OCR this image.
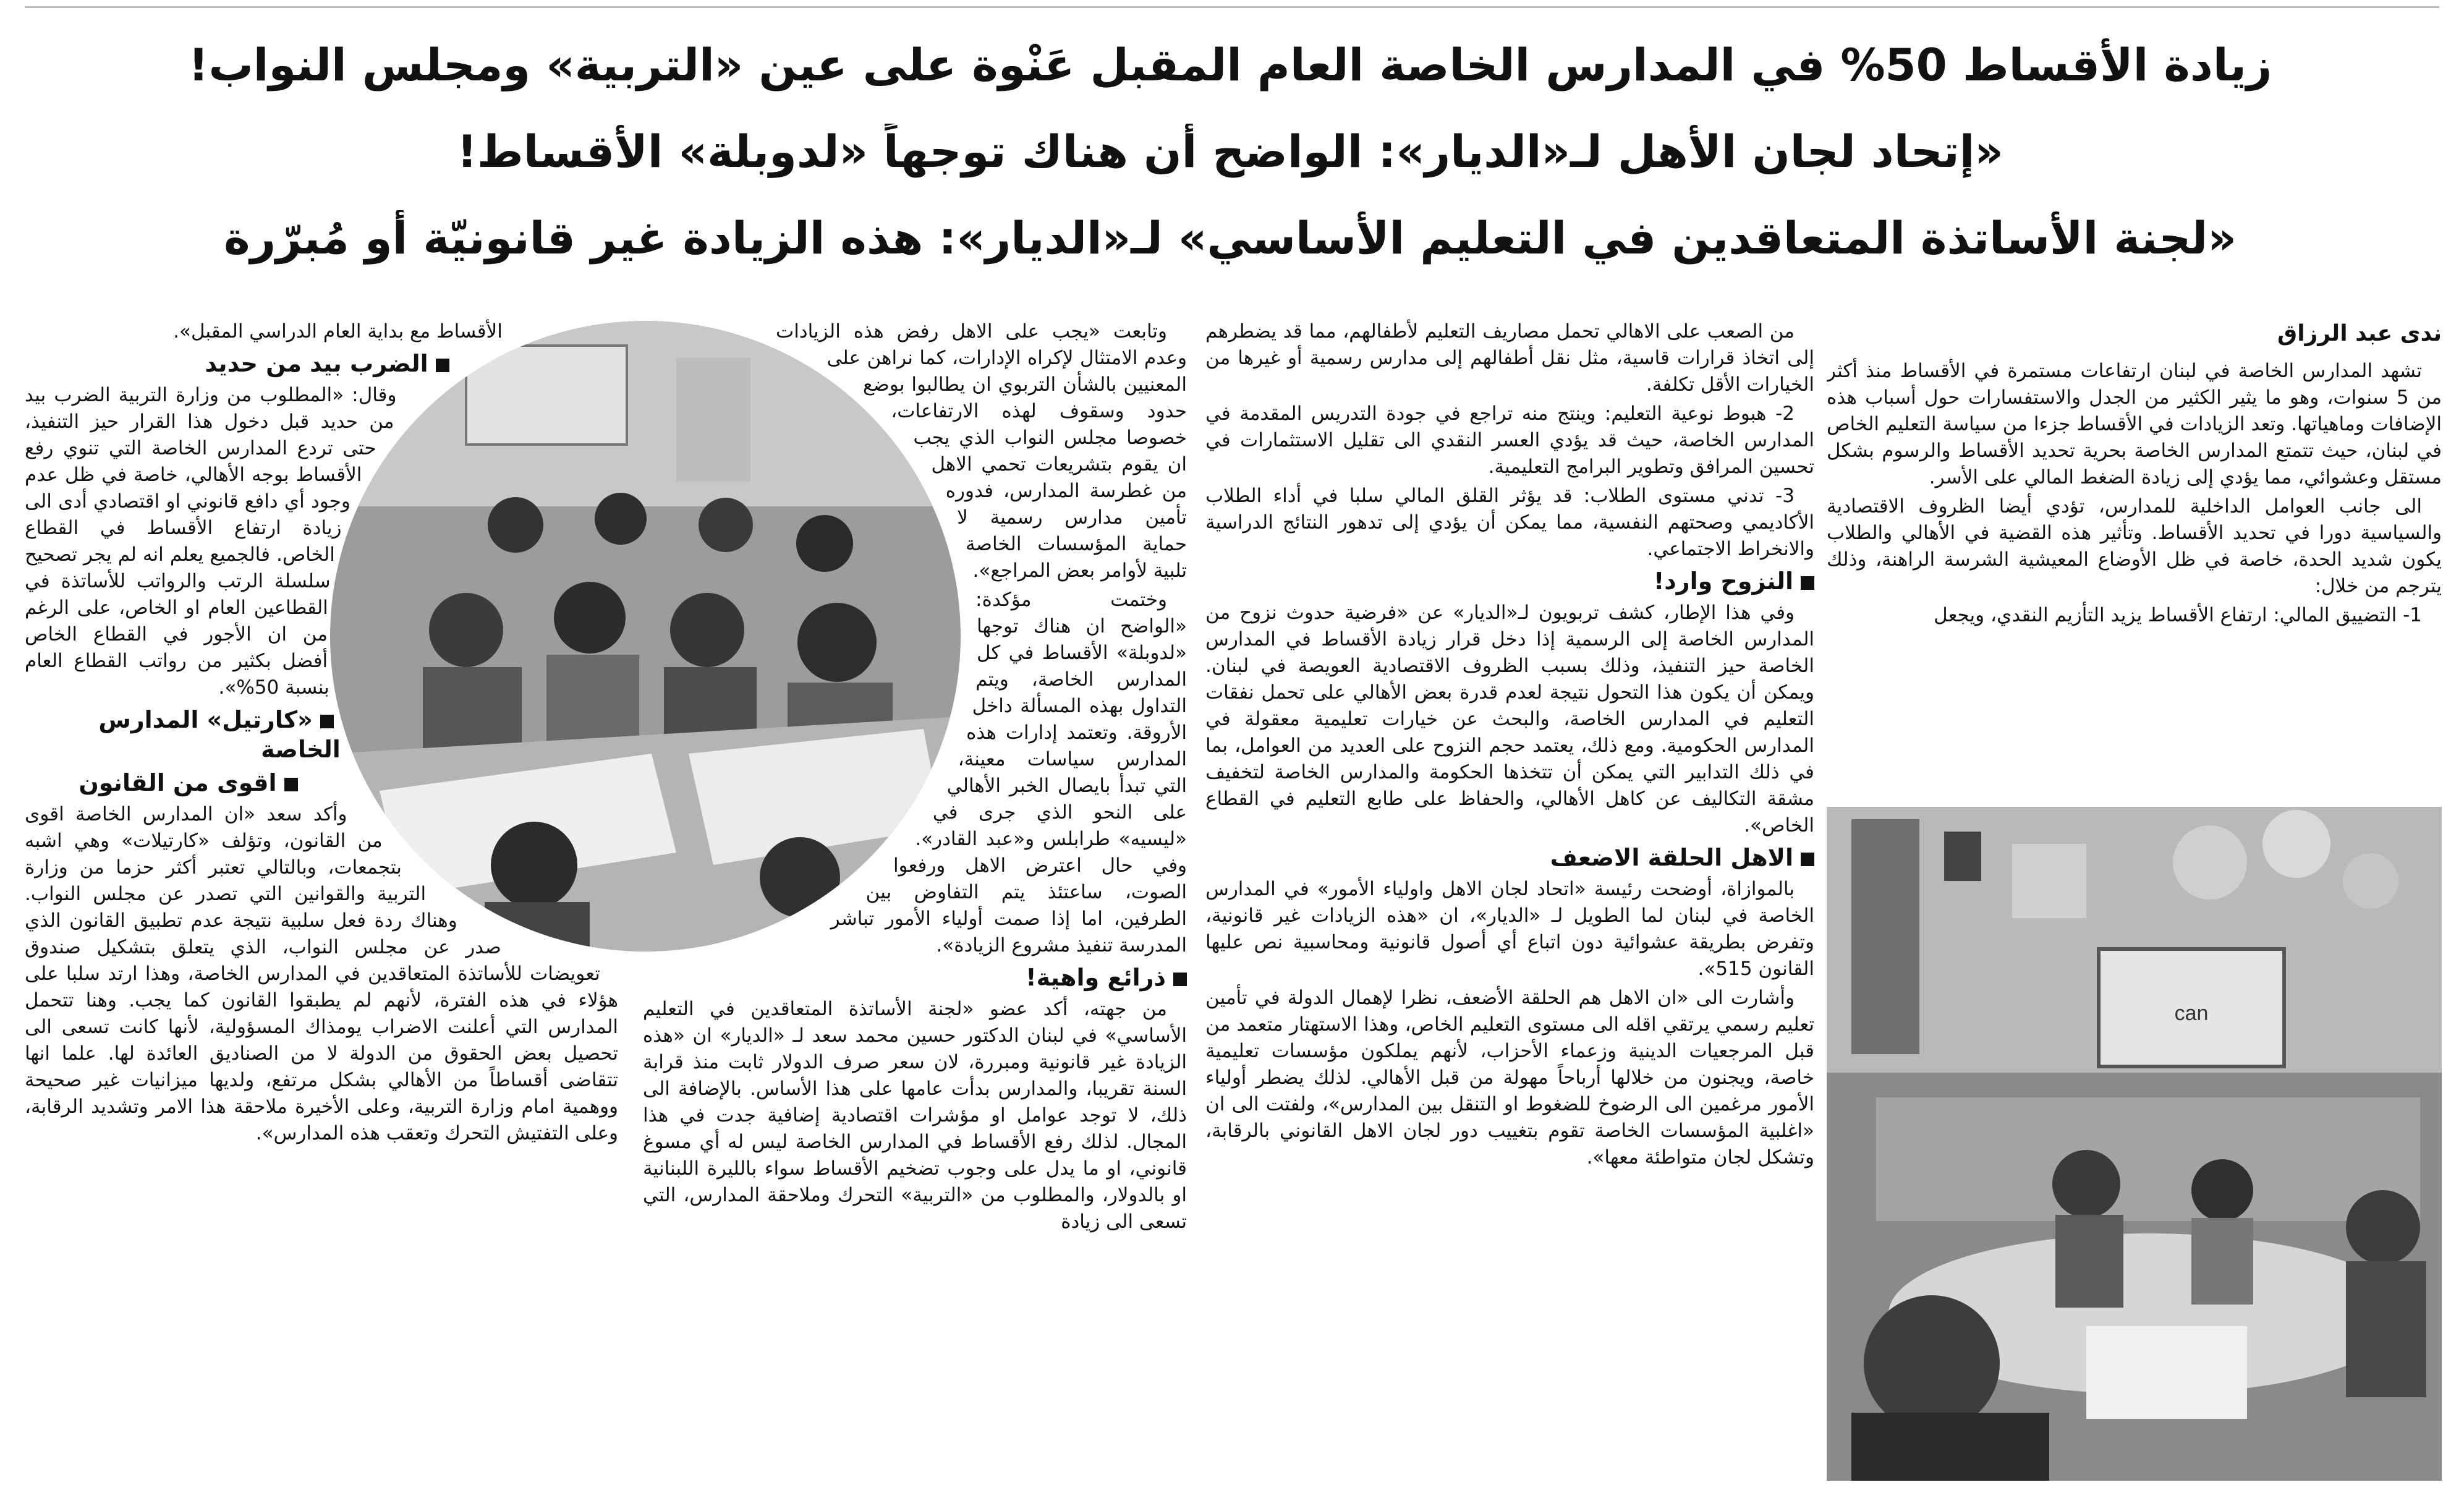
زيادة الأقساط 50% في المدارس الخاصة العام المقبل عَنْوة على عين «التربية» ومجلس النواب!
«إتحاد لجان الأهل لـ«الديار»: الواضح أن هناك توجهاً «لدوبلة» الأقساط!
«لجنة الأساتذة المتعاقدين في التعليم الأساسي» لـ«الديار»: هذه الزيادة غير قانونيّة أو مُبرّرة
ندى عبد الرزاق

تشهد المدارس الخاصة في لبنان ارتفاعات مستمرة في الأقساط منذ أكثر من 5 سنوات، وهو ما يثير الكثير من الجدل والاستفسارات حول أسباب هذه الإضافات وماهياتها. وتعد الزيادات في الأقساط جزءا من سياسة التعليم الخاص في لبنان، حيث تتمتع المدارس الخاصة بحرية تحديد الأقساط والرسوم بشكل مستقل وعشوائي، مما يؤدي إلى زيادة الضغط المالي على الأسر.

الى جانب العوامل الداخلية للمدارس، تؤدي أيضا الظروف الاقتصادية والسياسية دورا في تحديد الأقساط. وتأثير هذه القضية في الأهالي والطلاب يكون شديد الحدة، خاصة في ظل الأوضاع المعيشية الشرسة الراهنة، وذلك يترجم من خلال:

1- التضييق المالي: ارتفاع الأقساط يزيد التأزيم النقدي، ويجعل

can

من الصعب على الاهالي تحمل مصاريف التعليم لأطفالهم، مما قد يضطرهم إلى اتخاذ قرارات قاسية، مثل نقل أطفالهم إلى مدارس رسمية أو غيرها من الخيارات الأقل تكلفة.

2- هبوط نوعية التعليم: وينتج منه تراجع في جودة التدريس المقدمة في المدارس الخاصة، حيث قد يؤدي العسر النقدي الى تقليل الاستثمارات في تحسين المرافق وتطوير البرامج التعليمية.

3- تدني مستوى الطلاب: قد يؤثر القلق المالي سلبا في أداء الطلاب الأكاديمي وصحتهم النفسية، مما يمكن أن يؤدي إلى تدهور النتائج الدراسية والانخراط الاجتماعي.

النزوح وارد!

وفي هذا الإطار، كشف تربويون لـ«الديار» عن «فرضية حدوث نزوح من المدارس الخاصة إلى الرسمية إذا دخل قرار زيادة الأقساط في المدارس الخاصة حيز التنفيذ، وذلك بسبب الظروف الاقتصادية العويصة في لبنان. ويمكن أن يكون هذا التحول نتيجة لعدم قدرة بعض الأهالي على تحمل نفقات التعليم في المدارس الخاصة، والبحث عن خيارات تعليمية معقولة في المدارس الحكومية. ومع ذلك، يعتمد حجم النزوح على العديد من العوامل، بما في ذلك التدابير التي يمكن أن تتخذها الحكومة والمدارس الخاصة لتخفيف مشقة التكاليف عن كاهل الأهالي، والحفاظ على طابع التعليم في القطاع الخاص».

الاهل الحلقة الاضعف

بالموازاة، أوضحت رئيسة «اتحاد لجان الاهل واولياء الأمور» في المدارس الخاصة في لبنان لما الطويل لـ «الديار»، ان «هذه الزيادات غير قانونية، وتفرض بطريقة عشوائية دون اتباع أي أصول قانونية ومحاسبية نص عليها القانون 515».

وأشارت الى «ان الاهل هم الحلقة الأضعف، نظرا لإهمال الدولة في تأمين تعليم رسمي يرتقي اقله الى مستوى التعليم الخاص، وهذا الاستهتار متعمد من قبل المرجعيات الدينية وزعماء الأحزاب، لأنهم يملكون مؤسسات تعليمية خاصة، ويجنون من خلالها أرباحاً مهولة من قبل الأهالي. لذلك يضطر أولياء الأمور مرغمين الى الرضوخ للضغوط او التنقل بين المدارس»، ولفتت الى ان «اغلبية المؤسسات الخاصة تقوم بتغييب دور لجان الاهل القانوني بالرقابة، وتشكل لجان متواطئة معها».

وتابعت «يجب على الاهل رفض هذه الزيادات وعدم الامتثال لإكراه الإدارات، كما نراهن على المعنيين بالشأن التربوي ان يطالبوا بوضع حدود وسقوف لهذه الارتفاعات، خصوصا مجلس النواب الذي يجب ان يقوم بتشريعات تحمي الاهل من غطرسة المدارس، فدوره تأمين مدارس رسمية لا حماية المؤسسات الخاصة تلبية لأوامر بعض المراجع».

وختمت مؤكدة: «الواضح ان هناك توجها «لدوبلة» الأقساط في كل المدارس الخاصة، ويتم التداول بهذه المسألة داخل الأروقة. وتعتمد إدارات هذه المدارس سياسات معينة، التي تبدأ بايصال الخبر الأهالي على النحو الذي جرى في «ليسيه» طرابلس و«عبد القادر». وفي حال اعترض الاهل ورفعوا الصوت، ساعتئذ يتم التفاوض بين الطرفين، اما إذا صمت أولياء الأمور تباشر المدرسة تنفيذ مشروع الزيادة».

ذرائع واهية!

من جهته، أكد عضو «لجنة الأساتذة المتعاقدين في التعليم الأساسي» في لبنان الدكتور حسين محمد سعد لـ «الديار» ان «هذه الزيادة غير قانونية ومبررة، لان سعر صرف الدولار ثابت منذ قرابة السنة تقريبا، والمدارس بدأت عامها على هذا الأساس. بالإضافة الى ذلك، لا توجد عوامل او مؤشرات اقتصادية إضافية جدت في هذا المجال. لذلك رفع الأقساط في المدارس الخاصة ليس له أي مسوغ قانوني، او ما يدل على وجوب تضخيم الأقساط سواء بالليرة اللبنانية او بالدولار، والمطلوب من «التربية» التحرك وملاحقة المدارس، التي تسعى الى زيادة

الأقساط مع بداية العام الدراسي المقبل».

الضرب بيد من حديد

وقال: «المطلوب من وزارة التربية الضرب بيد من حديد قبل دخول هذا القرار حيز التنفيذ، حتى تردع المدارس الخاصة التي تنوي رفع الأقساط بوجه الأهالي، خاصة في ظل عدم وجود أي دافع قانوني او اقتصادي أدى الى زيادة ارتفاع الأقساط في القطاع الخاص. فالجميع يعلم انه لم يجر تصحيح سلسلة الرتب والرواتب للأساتذة في القطاعين العام او الخاص، على الرغم من ان الأجور في القطاع الخاص أفضل بكثير من رواتب القطاع العام بنسبة 50%».

«كارتيل» المدارس الخاصة
اقوى من القانون

وأكد سعد «ان المدارس الخاصة اقوى من القانون، وتؤلف «كارتيلات» وهي اشبه بتجمعات، وبالتالي تعتبر أكثر حزما من وزارة التربية والقوانين التي تصدر عن مجلس النواب. وهناك ردة فعل سلبية نتيجة عدم تطبيق القانون الذي صدر عن مجلس النواب، الذي يتعلق بتشكيل صندوق تعويضات للأساتذة المتعاقدين في المدارس الخاصة، وهذا ارتد سلبا على هؤلاء في هذه الفترة، لأنهم لم يطبقوا القانون كما يجب. وهنا تتحمل المدارس التي أعلنت الاضراب يومذاك المسؤولية، لأنها كانت تسعى الى تحصيل بعض الحقوق من الدولة لا من الصناديق العائدة لها. علما انها تتقاضى أقساطاً من الأهالي بشكل مرتفع، ولديها ميزانيات غير صحيحة ووهمية امام وزارة التربية، وعلى الأخيرة ملاحقة هذا الامر وتشديد الرقابة، وعلى التفتيش التحرك وتعقب هذه المدارس».
